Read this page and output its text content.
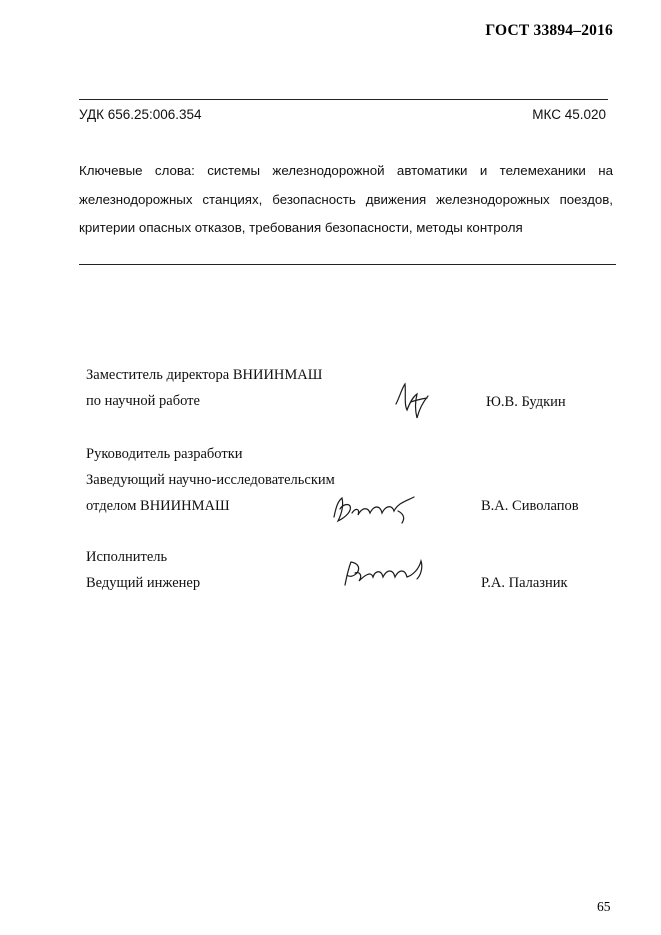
ГОСТ 33894–2016
УДК 656.25:006.354	МКС 45.020
Ключевые слова: системы железнодорожной автоматики и телемеханики на железнодорожных станциях, безопасность движения железнодорожных поездов, критерии опасных отказов, требования безопасности, методы контроля
Заместитель директора ВНИИНМАШ
по научной работе	Ю.В. Будкин
Руководитель разработки
Заведующий научно-исследовательским
отделом ВНИИНМАШ	В.А. Сиволапов
Исполнитель
Ведущий инженер	Р.А. Палазник
65
